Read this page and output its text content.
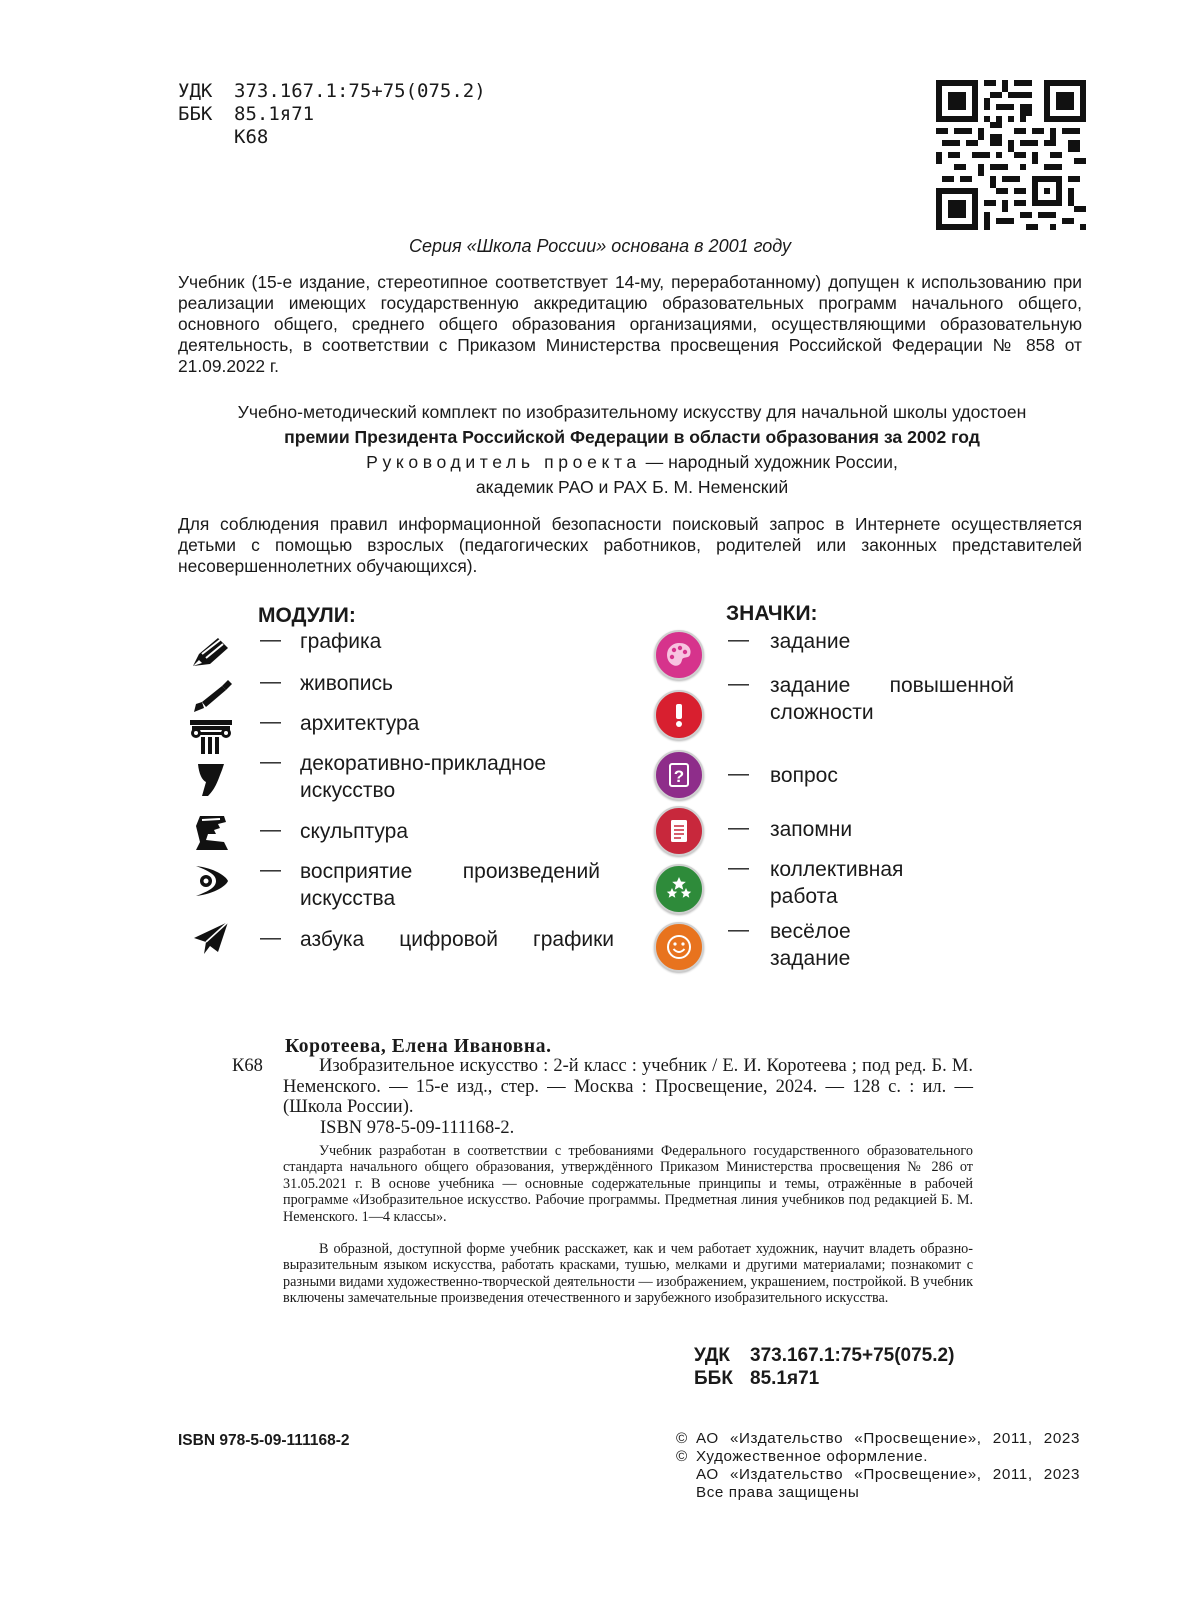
УДК	373.167.1:75+75(075.2)
ББК	85.1я71
К68
Серия «Школа России» основана в 2001 году
Учебник (15-е издание, стереотипное соответствует 14-му, переработанному) допущен к использованию при реализации имеющих государственную аккредитацию образовательных программ начального общего, основного общего, среднего общего образования организациями, осуществляющими образовательную деятельность, в соответствии с Приказом Министерства просвещения Российской Федерации № 858 от 21.09.2022 г.
Учебно-методический комплект по изобразительному искусству для начальной школы удостоен
премии Президента Российской Федерации в области образования за 2002 год
Руководитель проекта — народный художник России,
академик РАО и РАХ Б. М. Неменский
Для соблюдения правил информационной безопасности поисковый запрос в Интернете осуществляется детьми с помощью взрослых (педагогических работников, родителей или законных представителей несовершеннолетних обучающихся).
МОДУЛИ:
— графика
— живопись
— архитектура
— декоративно-прикладное
искусство
— скульптура
— восприятие произведений
искусства
— азбука цифровой графики
ЗНАЧКИ:
?
— задание
— задание повышенной
сложности
— вопрос
— запомни
— коллективная
работа
— весёлое
задание
Коротеева, Елена Ивановна.
К68	Изобразительное искусство : 2-й класс : учебник / Е. И. Коротеева ; под ред. Б. М. Неменского. — 15-е изд., стер. — Москва : Просвещение, 2024. — 128 с. : ил. — (Школа России).
ISBN 978-5-09-111168-2.
Учебник разработан в соответствии с требованиями Федерального государственного образовательного стандарта начального общего образования, утверждённого Приказом Министерства просвещения № 286 от 31.05.2021 г. В основе учебника — основные содержательные принципы и темы, отражённые в рабочей программе «Изобразительное искусство. Рабочие программы. Предметная линия учебников под редакцией Б. М. Неменского. 1—4 классы».
В образной, доступной форме учебник расскажет, как и чем работает художник, научит владеть образно-выразительным языком искусства, работать красками, тушью, мелками и другими материалами; познакомит с разными видами художественно-творческой деятельности — изображением, украшением, постройкой. В учебник включены замечательные произведения отечественного и зарубежного изобразительного искусства.
УДК	373.167.1:75+75(075.2)
ББК 85.1я71
ISBN 978-5-09-111168-2	© АО «Издательство «Просвещение», 2011, 2023
© Художественное оформление.
АО «Издательство «Просвещение», 2011, 2023
Все права защищены
